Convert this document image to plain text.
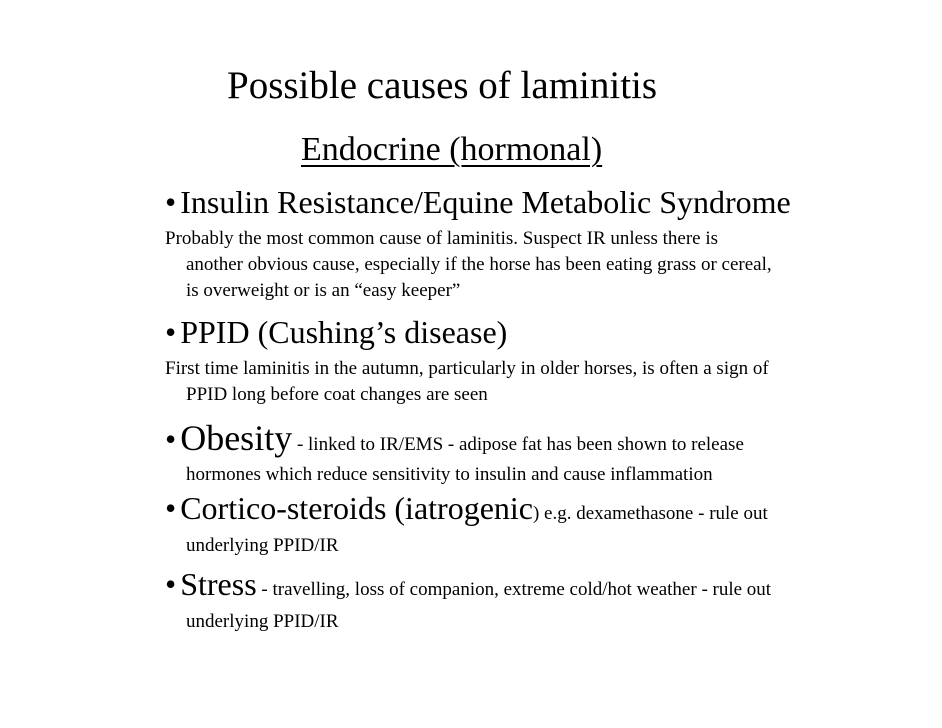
Possible causes of laminitis
Endocrine (hormonal)
• Insulin Resistance/Equine Metabolic Syndrome
Probably the most common cause of laminitis. Suspect IR unless there is
another obvious cause, especially if the horse has been eating grass or cereal,
is overweight or is an “easy keeper”
• PPID (Cushing’s disease)
First time laminitis in the autumn, particularly in older horses, is often a sign of
PPID long before coat changes are seen
• Obesity - linked to IR/EMS - adipose fat has been shown to release
hormones which reduce sensitivity to insulin and cause inflammation
• Cortico-steroids (iatrogenic) e.g. dexamethasone - rule out
underlying PPID/IR
• Stress - travelling, loss of companion, extreme cold/hot weather - rule out
underlying PPID/IR
